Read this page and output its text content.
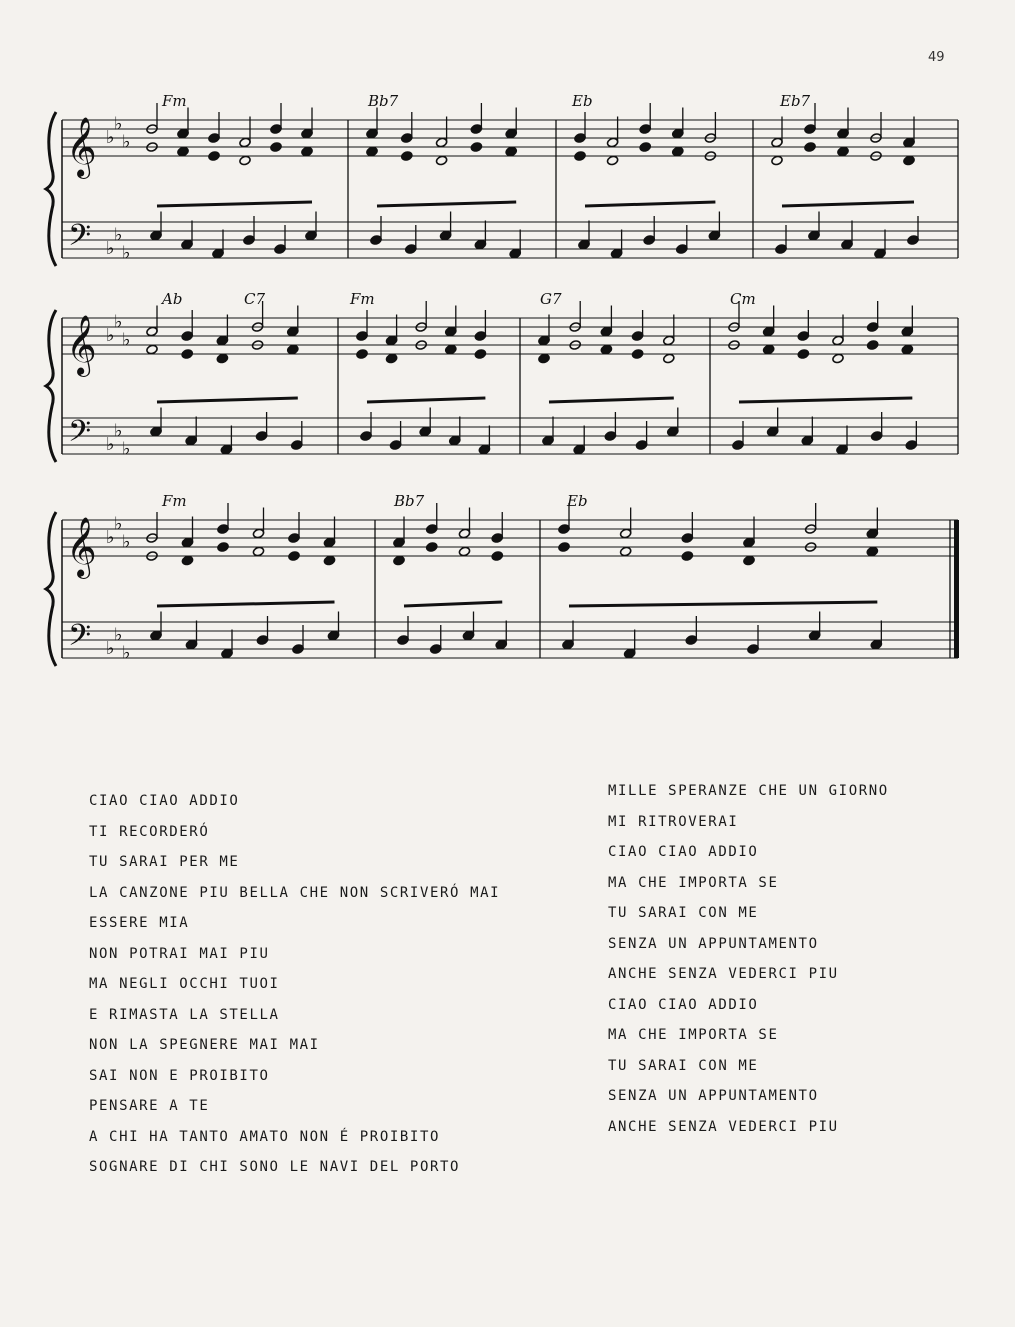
49
𝄞
𝄢
♭
♭
♭
♭
♭
♭
Fm	Bb7	Eb	Eb7
𝄞
𝄢
♭
♭
♭
♭
♭
♭
Ab	C7	Fm	G7	Cm
𝄞
𝄢
♭
♭
♭
♭
♭
♭
Fm	Bb7	Eb
CIAO CIAO ADDIO
TI RECORDERÓ
TU SARAI PER ME
LA CANZONE PIU BELLA CHE NON SCRIVERÓ MAI
ESSERE MIA
NON POTRAI MAI PIU
MA NEGLI OCCHI TUOI
E RIMASTA LA STELLA
NON LA SPEGNERE MAI MAI
SAI NON E PROIBITO
PENSARE A TE
A CHI HA TANTO AMATO NON É PROIBITO
SOGNARE DI CHI SONO LE NAVI DEL PORTO
MILLE SPERANZE CHE UN GIORNO
MI RITROVERAI
CIAO CIAO ADDIO
MA CHE IMPORTA SE
TU SARAI CON ME
SENZA UN APPUNTAMENTO
ANCHE SENZA VEDERCI PIU
CIAO CIAO ADDIO
MA CHE IMPORTA SE
TU SARAI CON ME
SENZA UN APPUNTAMENTO
ANCHE SENZA VEDERCI PIU
